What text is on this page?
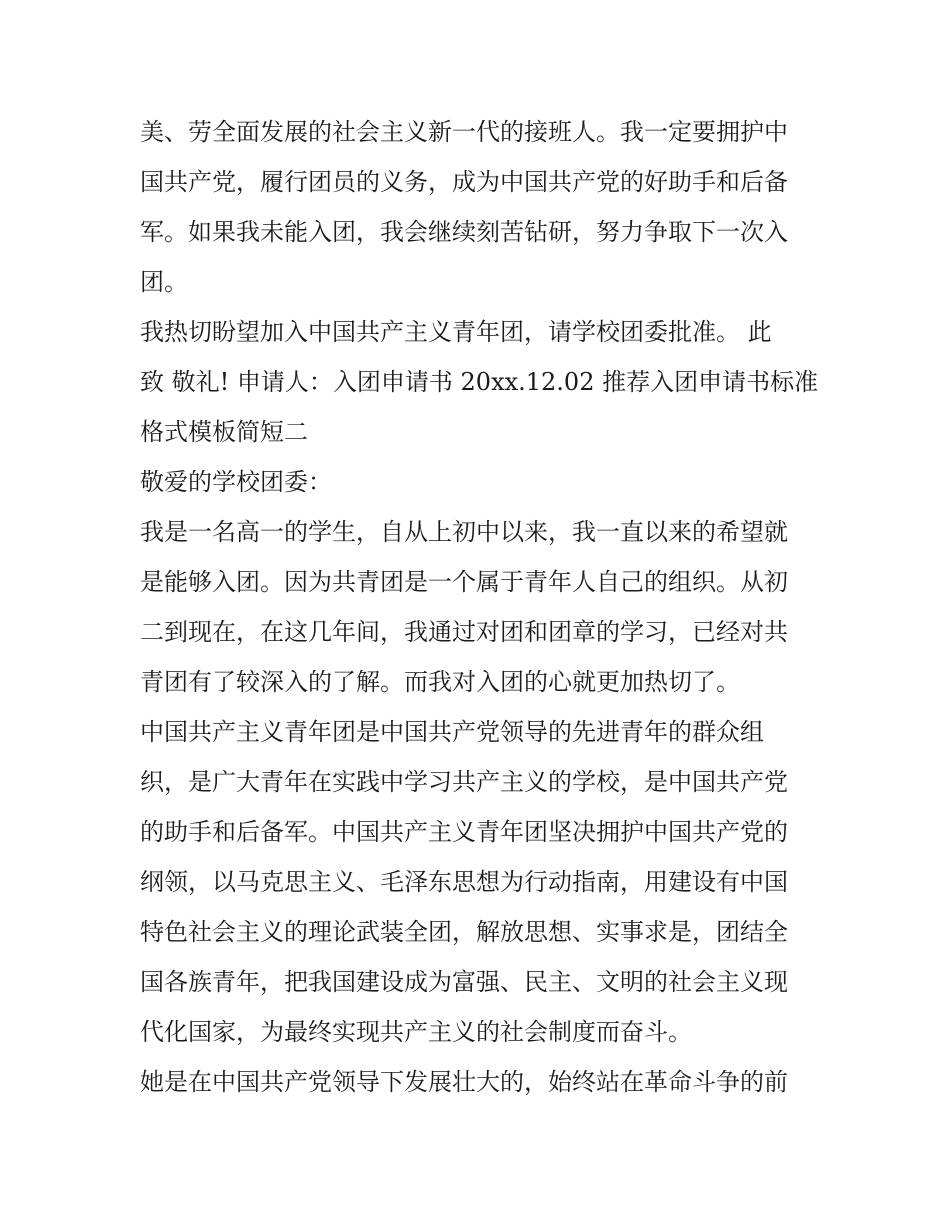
美、劳全面发展的社会主义新一代的接班人。我一定要拥护中
国共产党，履行团员的义务，成为中国共产党的好助手和后备
军。如果我未能入团，我会继续刻苦钻研，努力争取下一次入
团。
我热切盼望加入中国共产主义青年团，请学校团委批准。 此
致 敬礼! 申请人：入团申请书 20xx.12.02 推荐入团申请书标准
格式模板简短二
敬爱的学校团委：
我是一名高一的学生，自从上初中以来，我一直以来的希望就
是能够入团。因为共青团是一个属于青年人自己的组织。从初
二到现在，在这几年间，我通过对团和团章的学习，已经对共
青团有了较深入的了解。而我对入团的心就更加热切了。
中国共产主义青年团是中国共产党领导的先进青年的群众组
织，是广大青年在实践中学习共产主义的学校，是中国共产党
的助手和后备军。中国共产主义青年团坚决拥护中国共产党的
纲领，以马克思主义、毛泽东思想为行动指南，用建设有中国
特色社会主义的理论武装全团，解放思想、实事求是，团结全
国各族青年，把我国建设成为富强、民主、文明的社会主义现
代化国家，为最终实现共产主义的社会制度而奋斗。
她是在中国共产党领导下发展壮大的，始终站在革命斗争的前
